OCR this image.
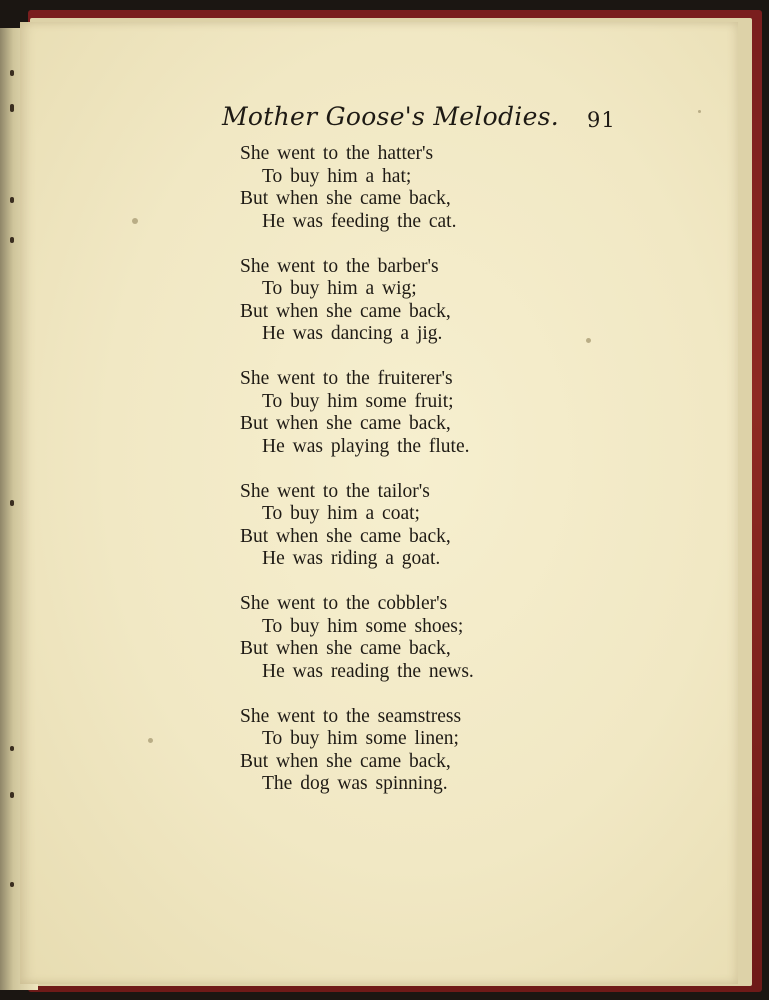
Mother Goose's Melodies. 91
She went to the hatter's
To buy him a hat;
But when she came back,
He was feeding the cat.
She went to the barber's
To buy him a wig;
But when she came back,
He was dancing a jig.
She went to the fruiterer's
To buy him some fruit;
But when she came back,
He was playing the flute.
She went to the tailor's
To buy him a coat;
But when she came back,
He was riding a goat.
She went to the cobbler's
To buy him some shoes;
But when she came back,
He was reading the news.
She went to the seamstress
To buy him some linen;
But when she came back,
The dog was spinning.
